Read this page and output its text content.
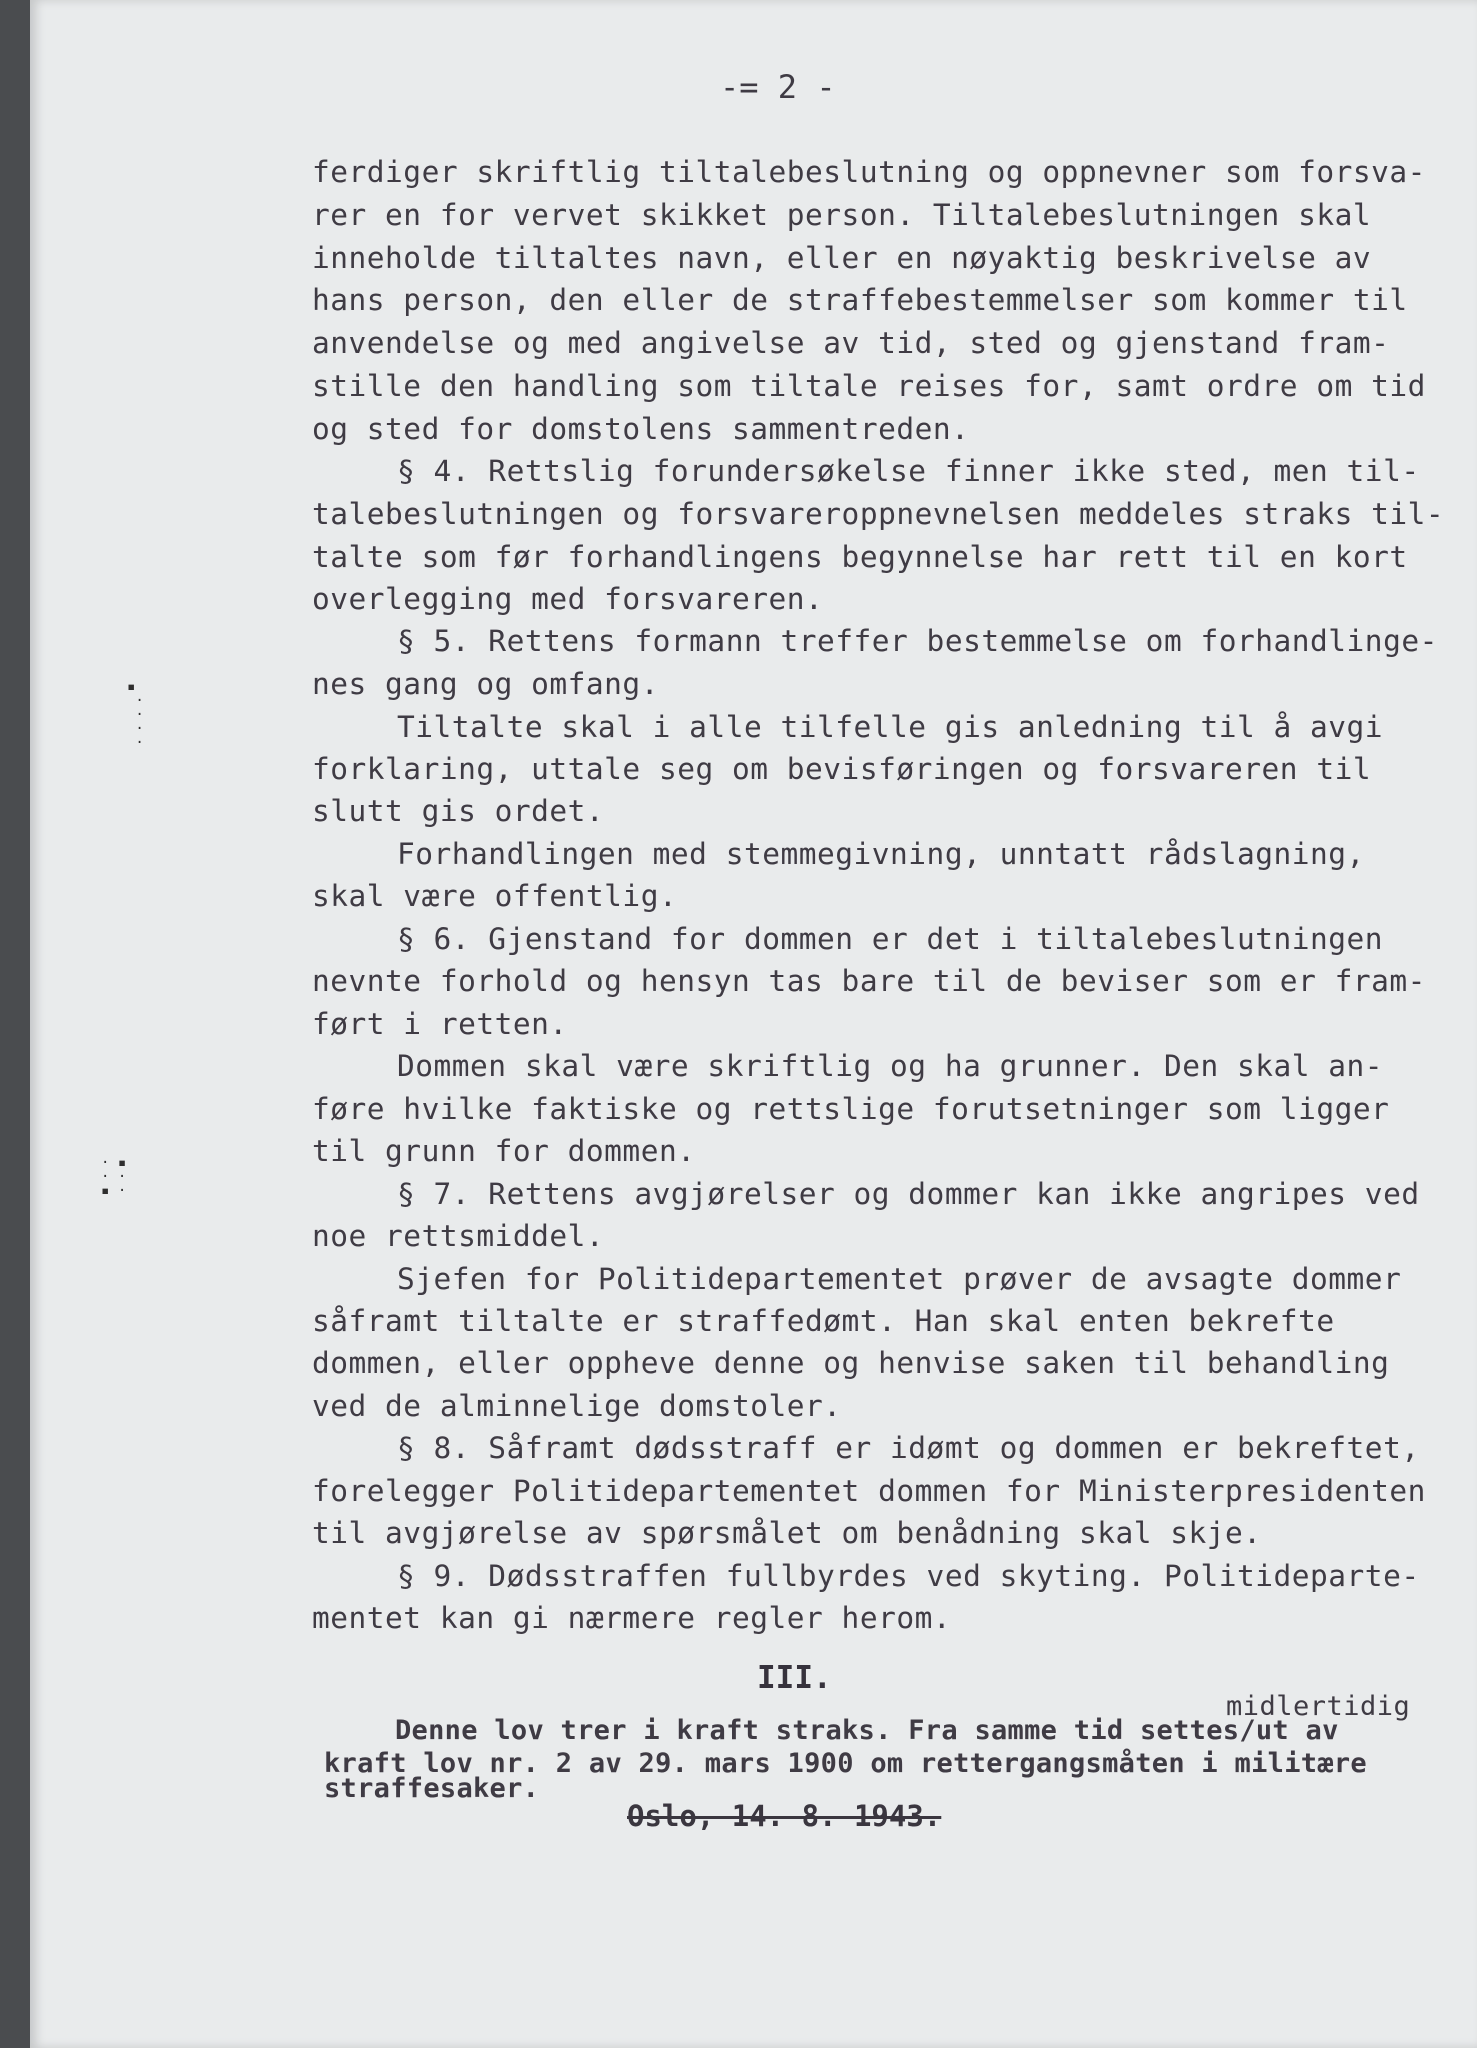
-= 2 -
ferdiger skriftlig tiltalebeslutning og oppnevner som forsva-
rer en for vervet skikket person. Tiltalebeslutningen skal
inneholde tiltaltes navn, eller en nøyaktig beskrivelse av
hans person, den eller de straffebestemmelser som kommer til
anvendelse og med angivelse av tid, sted og gjenstand fram-
stille den handling som tiltale reises for, samt ordre om tid
og sted for domstolens sammentreden.
§ 4. Rettslig forundersøkelse finner ikke sted, men til-
talebeslutningen og forsvareroppnevnelsen meddeles straks til-
talte som før forhandlingens begynnelse har rett til en kort
overlegging med forsvareren.
§ 5. Rettens formann treffer bestemmelse om forhandlinge-
nes gang og omfang.
Tiltalte skal i alle tilfelle gis anledning til å avgi
forklaring, uttale seg om bevisføringen og forsvareren til
slutt gis ordet.
Forhandlingen med stemmegivning, unntatt rådslagning,
skal være offentlig.
§ 6. Gjenstand for dommen er det i tiltalebeslutningen
nevnte forhold og hensyn tas bare til de beviser som er fram-
ført i retten.
Dommen skal være skriftlig og ha grunner. Den skal an-
føre hvilke faktiske og rettslige forutsetninger som ligger
til grunn for dommen.
§ 7. Rettens avgjørelser og dommer kan ikke angripes ved
noe rettsmiddel.
Sjefen for Politidepartementet prøver de avsagte dommer
såframt tiltalte er straffedømt. Han skal enten bekrefte
dommen, eller oppheve denne og henvise saken til behandling
ved de alminnelige domstoler.
§ 8. Såframt dødsstraff er idømt og dommen er bekreftet,
forelegger Politidepartementet dommen for Ministerpresidenten
til avgjørelse av spørsmålet om benådning skal skje.
§ 9. Dødsstraffen fullbyrdes ved skyting. Politideparte-
mentet kan gi nærmere regler herom.
III.
midlertidig
Denne lov trer i kraft straks. Fra samme tid settes/ut av
kraft lov nr. 2 av 29. mars 1900 om rettergangsmåten i militære
straffesaker.
Oslo, 14. 8. 1943.
▪
·
·
·
·
· ▪
· ·
▪ ·
